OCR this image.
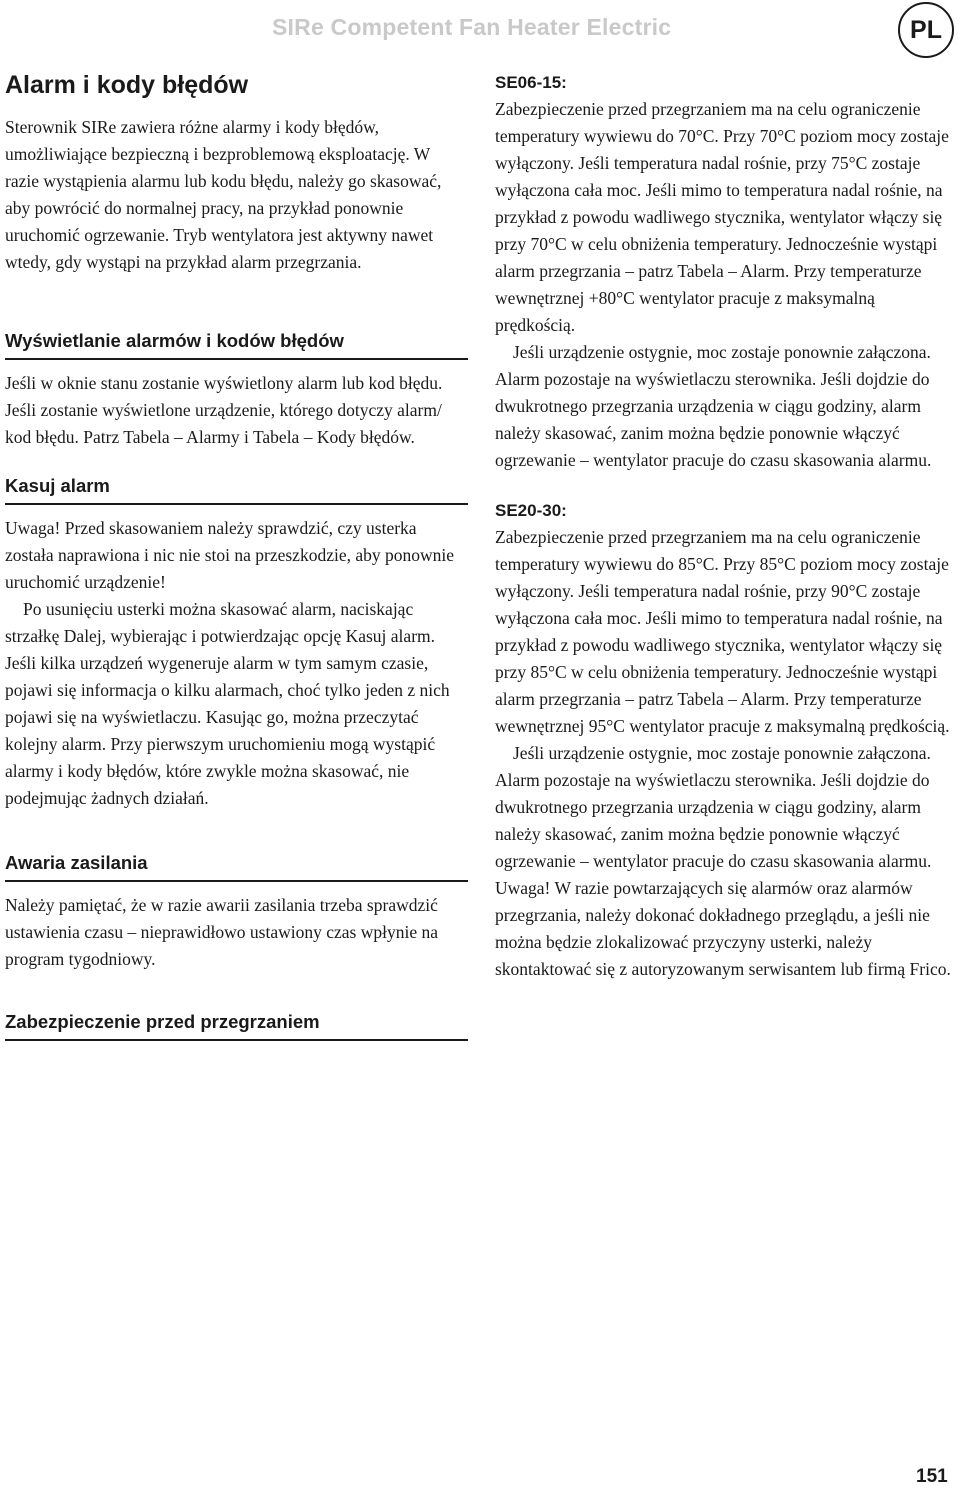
SIRe Competent Fan Heater Electric	PL
Alarm i kody błędów

Sterownik SIRe zawiera różne alarmy i kody błędów, umożliwiające bezpieczną i bezproblemową eksploatację. W razie wystąpienia alarmu lub kodu błędu, należy go skasować, aby powrócić do normalnej pracy, na przykład ponownie uruchomić ogrzewanie. Tryb wentylatora jest aktywny nawet wtedy, gdy wystąpi na przykład alarm przegrzania.

Wyświetlanie alarmów i kodów błędów

Jeśli w oknie stanu zostanie wyświetlony alarm lub kod błędu. Jeśli zostanie wyświetlone urządzenie, którego dotyczy alarm/ kod błędu. Patrz Tabela – Alarmy i Tabela – Kody błędów.

Kasuj alarm

Uwaga! Przed skasowaniem należy sprawdzić, czy usterka została naprawiona i nic nie stoi na przeszkodzie, aby ponownie uruchomić urządzenie!

Po usunięciu usterki można skasować alarm, naciskając strzałkę Dalej, wybierając i potwierdzając opcję Kasuj alarm. Jeśli kilka urządzeń wygeneruje alarm w tym samym czasie, pojawi się informacja o kilku alarmach, choć tylko jeden z nich pojawi się na wyświetlaczu. Kasując go, można przeczytać kolejny alarm. Przy pierwszym uruchomieniu mogą wystąpić alarmy i kody błędów, które zwykle można skasować, nie podejmując żadnych działań.

Awaria zasilania

Należy pamiętać, że w razie awarii zasilania trzeba sprawdzić ustawienia czasu – nieprawidłowo ustawiony czas wpłynie na program tygodniowy.

Zabezpieczenie przed przegrzaniem
SE06-15:

Zabezpieczenie przed przegrzaniem ma na celu ograniczenie temperatury wywiewu do 70°C. Przy 70°C poziom mocy zostaje wyłączony. Jeśli temperatura nadal rośnie, przy 75°C zostaje wyłączona cała moc. Jeśli mimo to temperatura nadal rośnie, na przykład z powodu wadliwego stycznika, wentylator włączy się przy 70°C w celu obniżenia temperatury. Jednocześnie wystąpi alarm przegrzania – patrz Tabela – Alarm. Przy temperaturze wewnętrznej +80°C wentylator pracuje z maksymalną prędkością.

Jeśli urządzenie ostygnie, moc zostaje ponownie załączona. Alarm pozostaje na wyświetlaczu sterownika. Jeśli dojdzie do dwukrotnego przegrzania urządzenia w ciągu godziny, alarm należy skasować, zanim można będzie ponownie włączyć ogrzewanie – wentylator pracuje do czasu skasowania alarmu.

SE20-30:

Zabezpieczenie przed przegrzaniem ma na celu ograniczenie temperatury wywiewu do 85°C. Przy 85°C poziom mocy zostaje wyłączony. Jeśli temperatura nadal rośnie, przy 90°C zostaje wyłączona cała moc. Jeśli mimo to temperatura nadal rośnie, na przykład z powodu wadliwego stycznika, wentylator włączy się przy 85°C w celu obniżenia temperatury. Jednocześnie wystąpi alarm przegrzania – patrz Tabela – Alarm. Przy temperaturze wewnętrznej 95°C wentylator pracuje z maksymalną prędkością.

Jeśli urządzenie ostygnie, moc zostaje ponownie załączona. Alarm pozostaje na wyświetlaczu sterownika. Jeśli dojdzie do dwukrotnego przegrzania urządzenia w ciągu godziny, alarm należy skasować, zanim można będzie ponownie włączyć ogrzewanie – wentylator pracuje do czasu skasowania alarmu. Uwaga! W razie powtarzających się alarmów oraz alarmów przegrzania, należy dokonać dokładnego przeglądu, a jeśli nie można będzie zlokalizować przyczyny usterki, należy skontaktować się z autoryzowanym serwisantem lub firmą Frico.

151
